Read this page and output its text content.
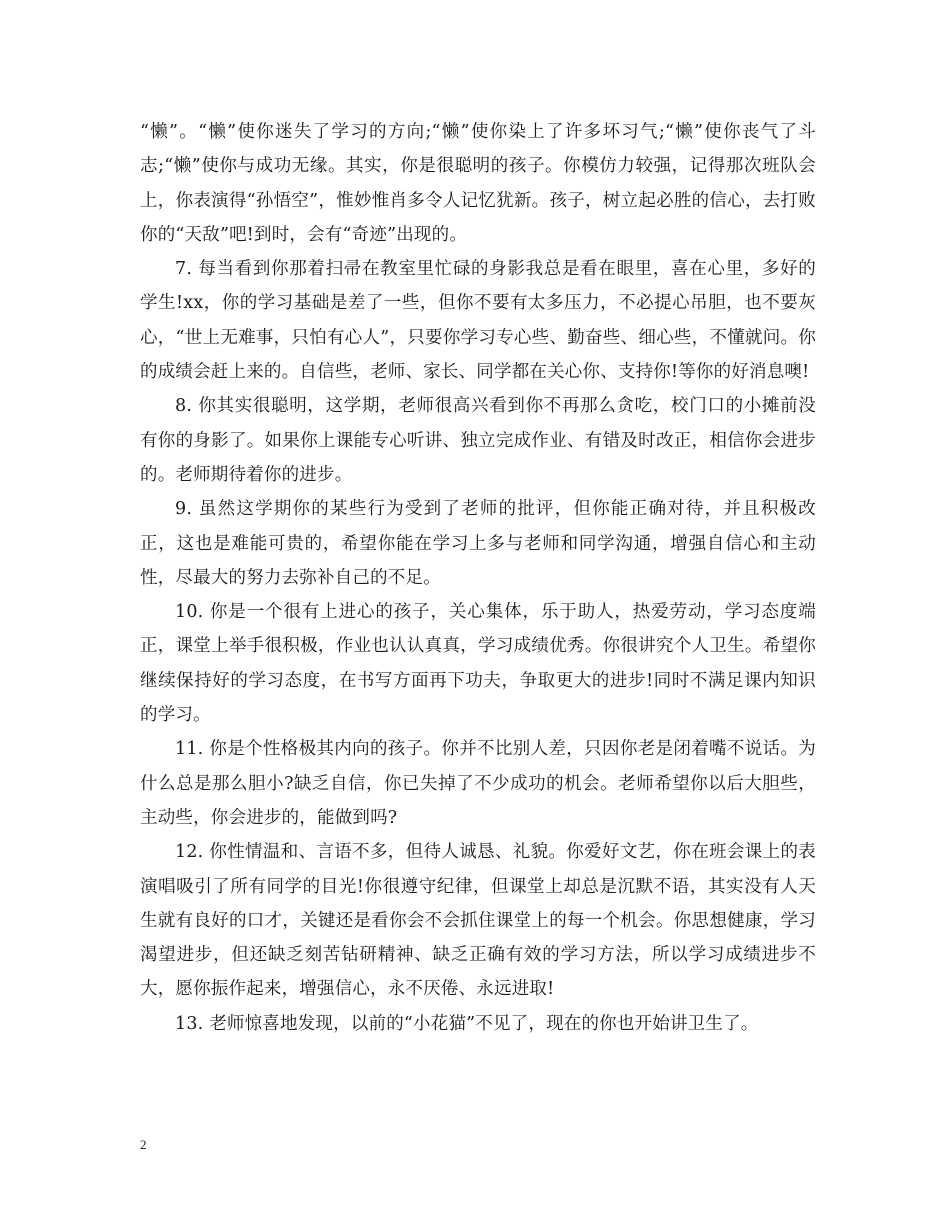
“懒”。“懒”使你迷失了学习的方向;“懒”使你染上了许多坏习气;“懒”使你丧气了斗志;“懒”使你与成功无缘。其实，你是很聪明的孩子。你模仿力较强，记得那次班队会上，你表演得“孙悟空”，惟妙惟肖多令人记忆犹新。孩子，树立起必胜的信心，去打败你的“天敌”吧!到时，会有“奇迹”出现的。

7. 每当看到你那着扫帚在教室里忙碌的身影我总是看在眼里，喜在心里，多好的学生!xx，你的学习基础是差了一些，但你不要有太多压力，不必提心吊胆，也不要灰心，“世上无难事，只怕有心人”，只要你学习专心些、勤奋些、细心些，不懂就问。你的成绩会赶上来的。自信些，老师、家长、同学都在关心你、支持你!等你的好消息噢!

8. 你其实很聪明，这学期，老师很高兴看到你不再那么贪吃，校门口的小摊前没有你的身影了。如果你上课能专心听讲、独立完成作业、有错及时改正，相信你会进步的。老师期待着你的进步。

9. 虽然这学期你的某些行为受到了老师的批评，但你能正确对待，并且积极改正，这也是难能可贵的，希望你能在学习上多与老师和同学沟通，增强自信心和主动性，尽最大的努力去弥补自己的不足。

10. 你是一个很有上进心的孩子，关心集体，乐于助人，热爱劳动，学习态度端正，课堂上举手很积极，作业也认认真真，学习成绩优秀。你很讲究个人卫生。希望你继续保持好的学习态度，在书写方面再下功夫，争取更大的进步!同时不满足课内知识的学习。

11. 你是个性格极其内向的孩子。你并不比别人差，只因你老是闭着嘴不说话。为什么总是那么胆小?缺乏自信，你已失掉了不少成功的机会。老师希望你以后大胆些，主动些，你会进步的，能做到吗?

12. 你性情温和、言语不多，但待人诚恳、礼貌。你爱好文艺，你在班会课上的表演唱吸引了所有同学的目光!你很遵守纪律，但课堂上却总是沉默不语，其实没有人天生就有良好的口才，关键还是看你会不会抓住课堂上的每一个机会。你思想健康，学习渴望进步，但还缺乏刻苦钻研精神、缺乏正确有效的学习方法，所以学习成绩进步不大，愿你振作起来，增强信心，永不厌倦、永远进取!

13. 老师惊喜地发现，以前的“小花猫”不见了，现在的你也开始讲卫生了。

2
